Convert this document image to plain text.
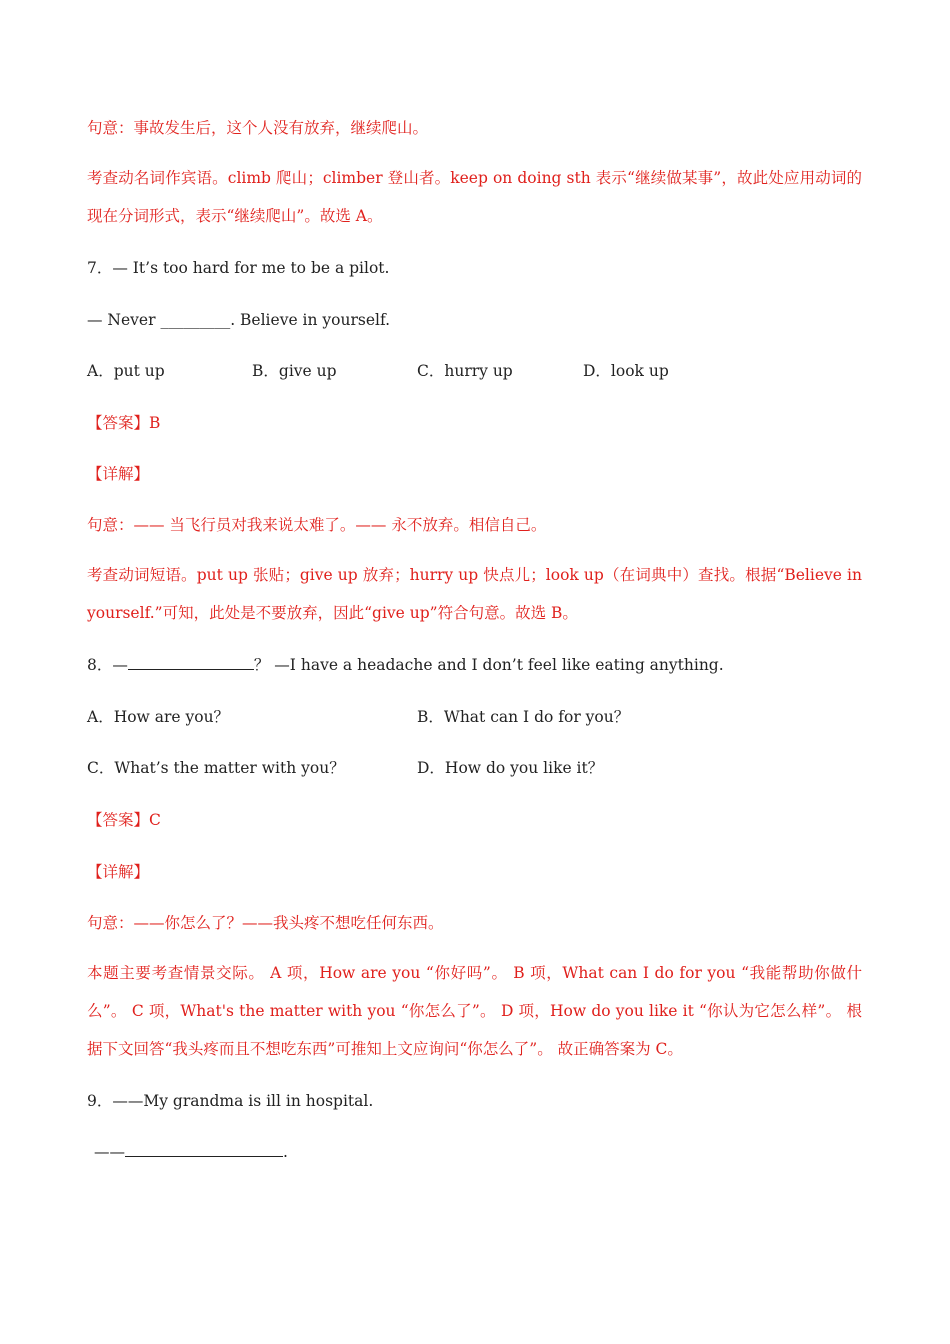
句意：事故发生后，这个人没有放弃，继续爬山。
考查动名词作宾语。climb 爬山；climber 登山者。keep on doing sth 表示“继续做某事”，故此处应用动词的现在分词形式，表示“继续爬山”。故选 A。
7．— It’s too hard for me to be a pilot.
— Never _________. Believe in yourself.
A．put up	B．give up	C．hurry up	D．look up
【答案】B
【详解】
句意：—— 当飞行员对我来说太难了。—— 永不放弃。相信自己。
考查动词短语。put up 张贴；give up 放弃；hurry up 快点儿；look up（在词典中）查找。根据“Believe in yourself.”可知，此处是不要放弃，因此“give up”符合句意。故选 B。
8．—	？ —I have a headache and I don’t feel like eating anything.
A．How are you？	B．What can I do for you？
C．What’s the matter with you？	D．How do you like it？
【答案】C
【详解】
句意：——你怎么了？——我头疼不想吃任何东西。
本题主要考查情景交际。 A 项，How are you “你好吗”。 B 项，What can I do for you “我能帮助你做什么”。 C 项，What's the matter with you “你怎么了”。 D 项，How do you like it “你认为它怎么样”。 根据下文回答“我头疼而且不想吃东西”可推知上文应询问“你怎么了”。 故正确答案为 C。
9．——My grandma is ill in hospital.
——	.
